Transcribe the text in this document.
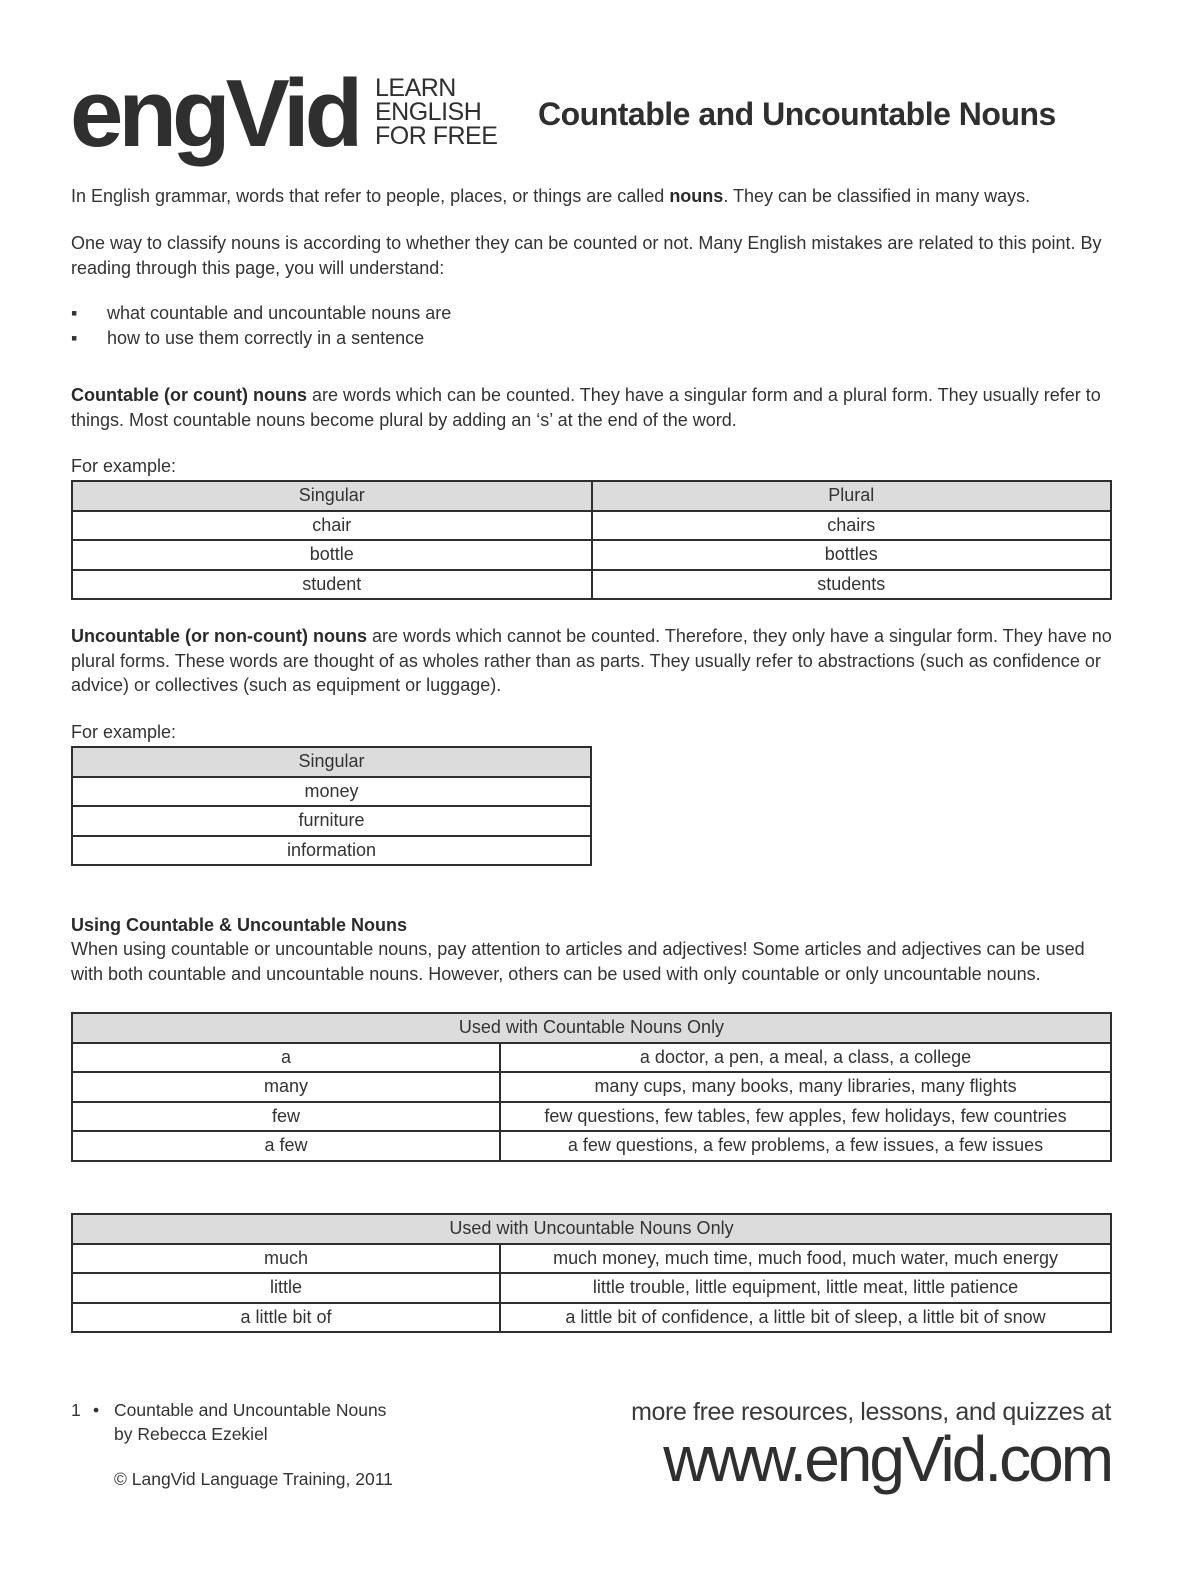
engVid LEARN
ENGLISH
FOR FREE
Countable and Uncountable Nouns
In English grammar, words that refer to people, places, or things are called nouns. They can be classified in many ways.
One way to classify nouns is according to whether they can be counted or not. Many English mistakes are related to this point. By reading through this page, you will understand:
▪ what countable and uncountable nouns are
▪ how to use them correctly in a sentence
Countable (or count) nouns are words which can be counted. They have a singular form and a plural form. They usually refer to things. Most countable nouns become plural by adding an ‘s’ at the end of the word.
For example:
Singular	Plural
chair	chairs
bottle	bottles
student	students
Uncountable (or non-count) nouns are words which cannot be counted. Therefore, they only have a singular form. They have no plural forms. These words are thought of as wholes rather than as parts. They usually refer to abstractions (such as confidence or advice) or collectives (such as equipment or luggage).
For example:
Singular
money
furniture
information
Using Countable & Uncountable Nouns
When using countable or uncountable nouns, pay attention to articles and adjectives! Some articles and adjectives can be used with both countable and uncountable nouns. However, others can be used with only countable or only uncountable nouns.
Used with Countable Nouns Only	
a	a doctor, a pen, a meal, a class, a college
many	many cups, many books, many libraries, many flights
few	few questions, few tables, few apples, few holidays, few countries
a few	a few questions, a few problems, a few issues, a few issues
Used with Uncountable Nouns Only	
much	much money, much time, much food, much water, much energy
little	little trouble, little equipment, little meat, little patience
a little bit of	a little bit of confidence, a little bit of sleep, a little bit of snow
1 • Countable and Uncountable Nouns
by Rebecca Ezekiel
© LangVid Language Training, 2011
more free resources, lessons, and quizzes at
www.engVid.com
